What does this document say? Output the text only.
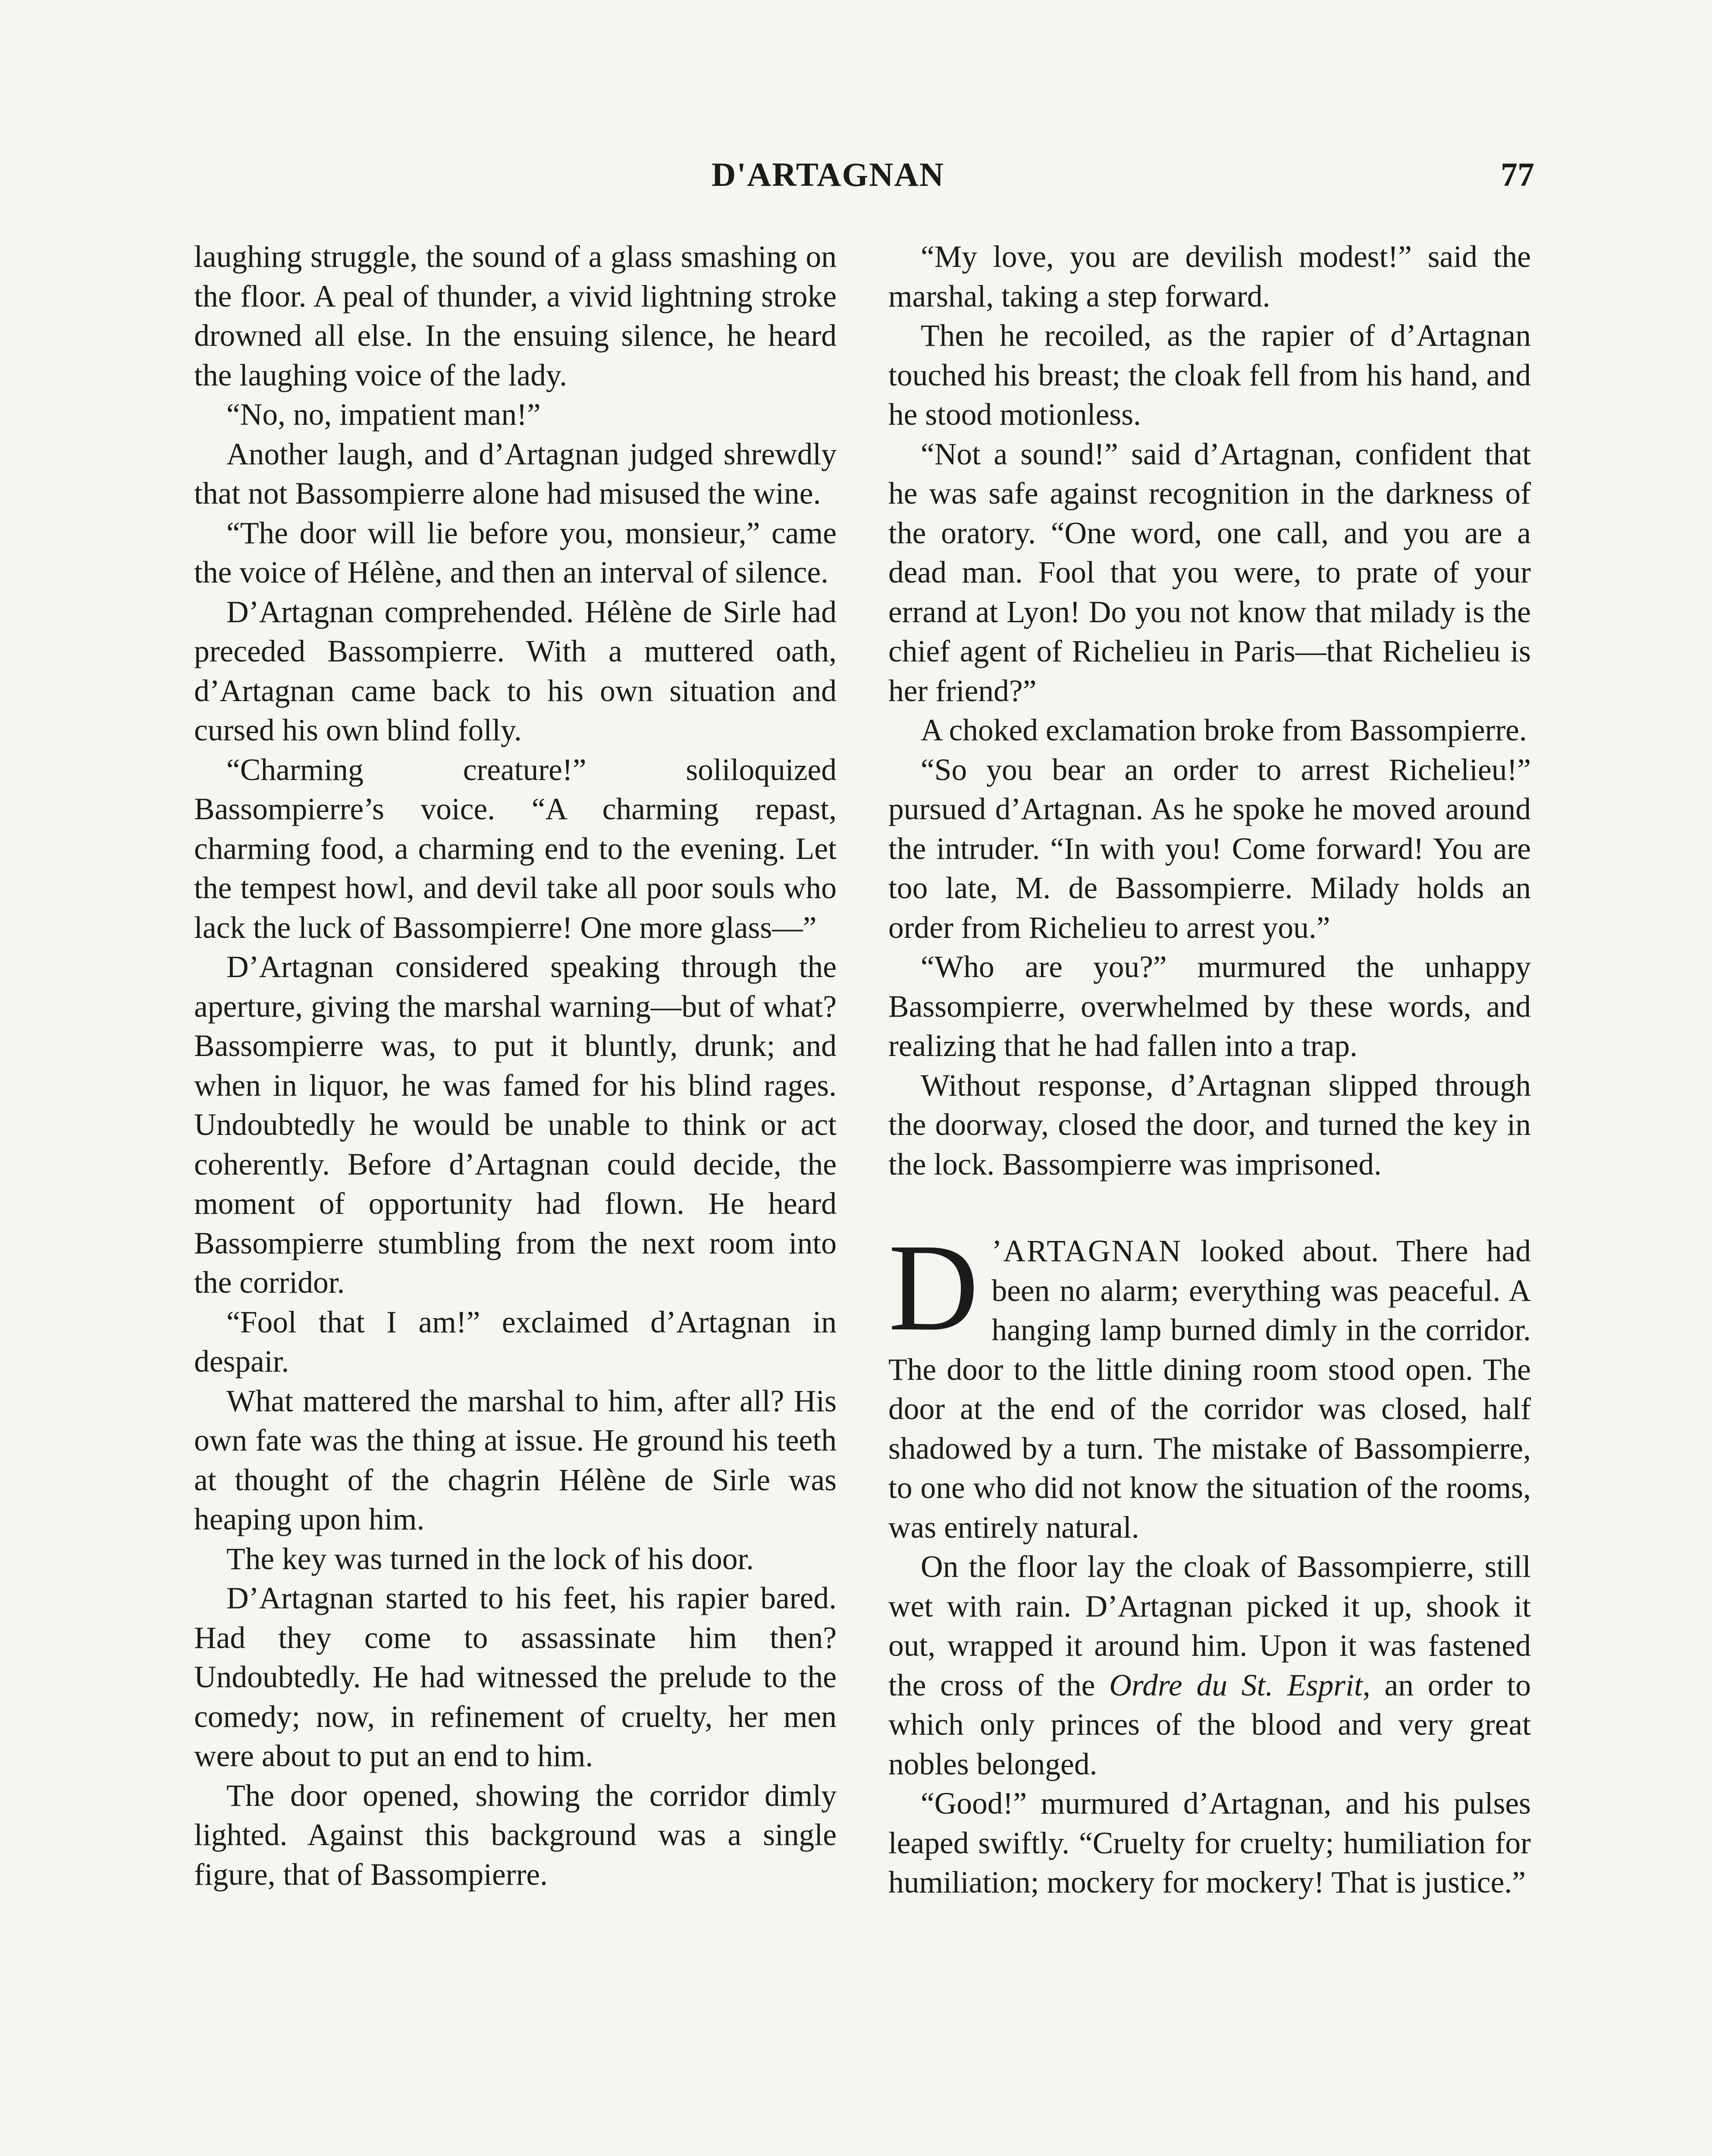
D'ARTAGNAN	77

laughing struggle, the sound of a glass smashing on the floor. A peal of thunder, a vivid lightning stroke drowned all else. In the ensuing silence, he heard the laughing voice of the lady.

“No, no, impatient man!”

Another laugh, and d’Artagnan judged shrewdly that not Bassompierre alone had misused the wine.

“The door will lie before you, monsieur,” came the voice of Hélène, and then an interval of silence.

D’Artagnan comprehended. Hélène de Sirle had preceded Bassompierre. With a muttered oath, d’Artagnan came back to his own situation and cursed his own blind folly.

“Charming creature!” soliloquized Bassompierre’s voice. “A charming repast, charming food, a charming end to the evening. Let the tempest howl, and devil take all poor souls who lack the luck of Bassompierre! One more glass—”

D’Artagnan considered speaking through the aperture, giving the marshal warning—but of what? Bassompierre was, to put it bluntly, drunk; and when in liquor, he was famed for his blind rages. Undoubtedly he would be unable to think or act coherently. Before d’Artagnan could decide, the moment of opportunity had flown. He heard Bassompierre stumbling from the next room into the corridor.

“Fool that I am!” exclaimed d’Artagnan in despair.

What mattered the marshal to him, after all? His own fate was the thing at issue. He ground his teeth at thought of the chagrin Hélène de Sirle was heaping upon him.

The key was turned in the lock of his door.

D’Artagnan started to his feet, his rapier bared. Had they come to assassinate him then? Undoubtedly. He had witnessed the prelude to the comedy; now, in refinement of cruelty, her men were about to put an end to him.

The door opened, showing the corridor dimly lighted. Against this background was a single figure, that of Bassompierre.

“My love, you are devilish modest!” said the marshal, taking a step forward.

Then he recoiled, as the rapier of d’Artagnan touched his breast; the cloak fell from his hand, and he stood motionless.

“Not a sound!” said d’Artagnan, confident that he was safe against recognition in the darkness of the oratory. “One word, one call, and you are a dead man. Fool that you were, to prate of your errand at Lyon! Do you not know that milady is the chief agent of Richelieu in Paris—that Richelieu is her friend?”

A choked exclamation broke from Bassompierre.

“So you bear an order to arrest Richelieu!” pursued d’Artagnan. As he spoke he moved around the intruder. “In with you! Come forward! You are too late, M. de Bassompierre. Milady holds an order from Richelieu to arrest you.”

“Who are you?” murmured the unhappy Bassompierre, overwhelmed by these words, and realizing that he had fallen into a trap.

Without response, d’Artagnan slipped through the doorway, closed the door, and turned the key in the lock. Bassompierre was imprisoned.

D ’ARTAGNAN looked about. There had been no alarm; everything was peaceful. A hanging lamp burned dimly in the corridor. The door to the little dining room stood open. The door at the end of the corridor was closed, half shadowed by a turn. The mistake of Bassompierre, to one who did not know the situation of the rooms, was entirely natural.

On the floor lay the cloak of Bassompierre, still wet with rain. D’Artagnan picked it up, shook it out, wrapped it around him. Upon it was fastened the cross of the Ordre du St. Esprit, an order to which only princes of the blood and very great nobles belonged.

“Good!” murmured d’Artagnan, and his pulses leaped swiftly. “Cruelty for cruelty; humiliation for humiliation; mockery for mockery! That is justice.”
